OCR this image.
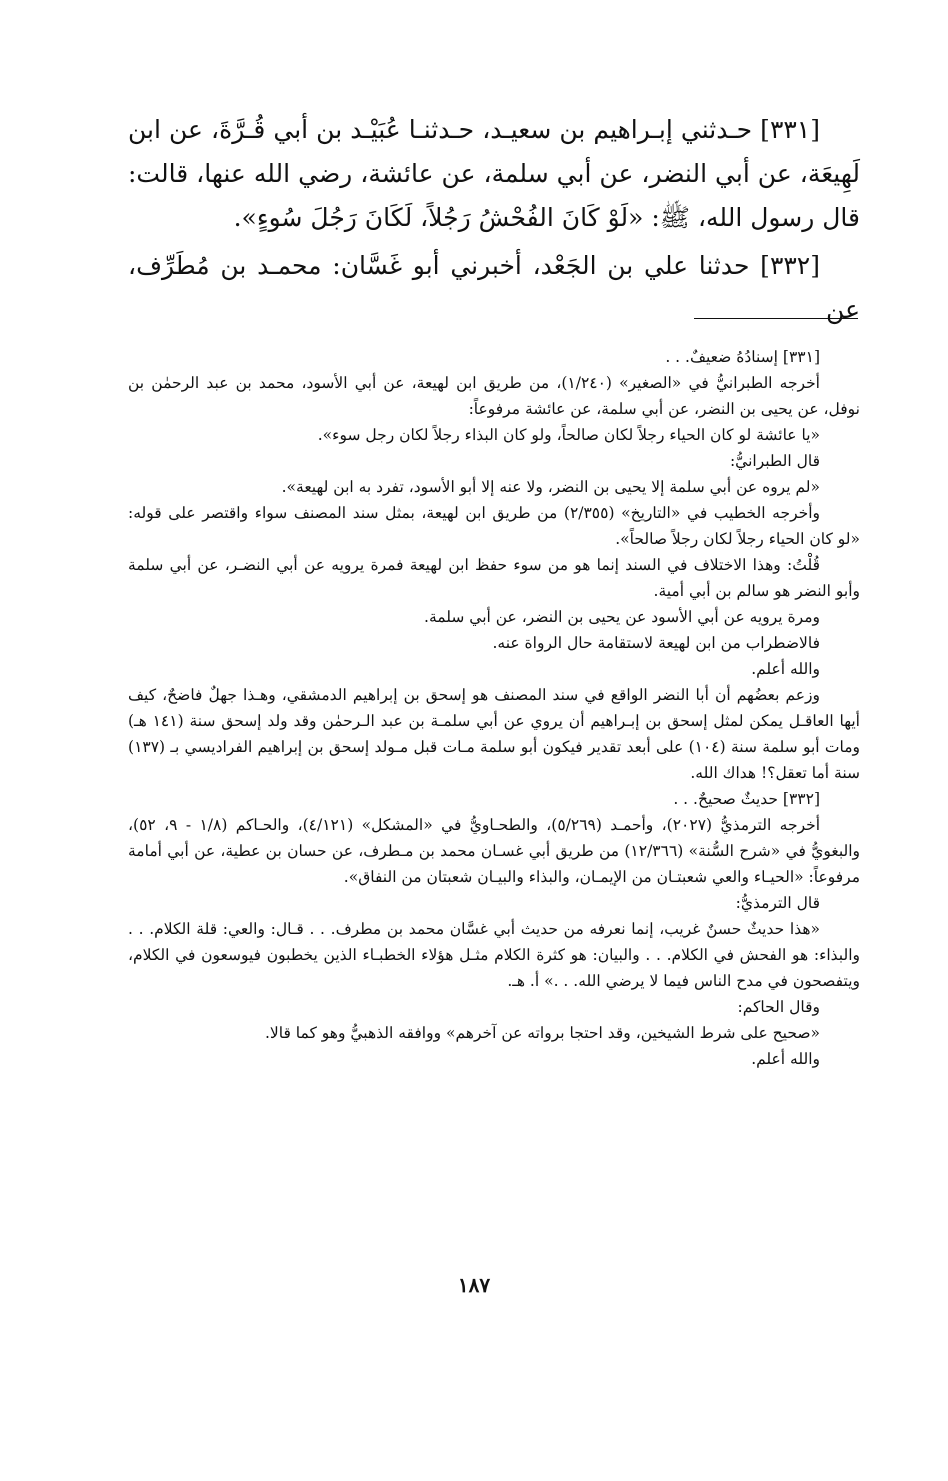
[٣٣١] حـدثني إبـراهيم بن سعيـد، حـدثنـا عُبَيْـد بن أبي قُـرَّةَ، عن ابن لَهِيعَة، عن أبي النضر، عن أبي سلمة، عن عائشة، رضي الله عنها، قالت: قال رسول الله، ﷺ: «لَوْ كَانَ الفُحْشُ رَجُلاً، لَكَانَ رَجُلَ سُوءٍ».

[٣٣٢] حدثنا علي بن الجَعْد، أخبرني أبو غَسَّان: محمـد بن مُطَرِّف، عن

[٣٣١] إسنادُهُ ضعيفٌ. . .

أخرجه الطبرانيُّ في «الصغير» (١/٢٤٠)، من طريق ابن لهيعة، عن أبي الأسود، محمد بن عبد الرحمٰن بن نوفل، عن يحيى بن النضر، عن أبي سلمة، عن عائشة مرفوعاً:

«يا عائشة لو كان الحياء رجلاً لكان صالحاً، ولو كان البذاء رجلاً لكان رجل سوء».

قال الطبرانيُّ:

«لم يروه عن أبي سلمة إلا يحيى بن النضر، ولا عنه إلا أبو الأسود، تفرد به ابن لهيعة».

وأخرجه الخطيب في «التاريخ» (٢/٣٥٥) من طريق ابن لهيعة، بمثل سند المصنف سواء واقتصر على قوله: «لو كان الحياء رجلاً لكان رجلاً صالحاً».

قُلْتُ: وهذا الاختلاف في السند إنما هو من سوء حفظ ابن لهيعة فمرة يرويه عن أبي النضـر، عن أبي سلمة وأبو النضر هو سالم بن أبي أمية.

ومرة يرويه عن أبي الأسود عن يحيى بن النضر، عن أبي سلمة.

فالاضطراب من ابن لهيعة لاستقامة حال الرواة عنه.

والله أعلم.

وزعم بعضُهم أن أبا النضر الواقع في سند المصنف هو إسحق بن إبراهيم الدمشقي، وهـذا جهلٌ فاضحٌ، كيف أيها العاقـل يمكن لمثل إسحق بن إبـراهيم أن يروي عن أبي سلمـة بن عبد الـرحمٰن وقد ولد إسحق سنة (١٤١ هـ) ومات أبو سلمة سنة (١٠٤) على أبعد تقدير فيكون أبو سلمة مـات قبل مـولد إسحق بن إبراهيم الفراديسي بـ (١٣٧) سنة أما تعقل؟! هداك الله.

[٣٣٢] حديثٌ صحيحٌ. . .

أخرجه الترمذيُّ (٢٠٢٧)، وأحمـد (٥/٢٦٩)، والطحـاويُّ في «المشكل» (٤/١٢١)، والحـاكم (١/٨ - ٩، ٥٢)، والبغويُّ في «شرح السُّنة» (١٢/٣٦٦) من طريق أبي غسـان محمد بن مـطرف، عن حسان بن عطية، عن أبي أمامة مرفوعاً: «الحيـاء والعي شعبتـان من الإيمـان، والبذاء والبيـان شعبتان من النفاق».

قال الترمذيُّ:

«هذا حديثٌ حسنٌ غريب، إنما نعرفه من حديث أبي غسَّان محمد بن مطرف. . . قـال: والعي: قلة الكلام. . . والبذاء: هو الفحش في الكلام. . . والبيان: هو كثرة الكلام مثـل هؤلاء الخطبـاء الذين يخطبون فيوسعون في الكلام، ويتفصحون في مدح الناس فيما لا يرضي الله. . .» أ. هـ.

وقال الحاكم:

«صحيح على شرط الشيخين، وقد احتجا برواته عن آخرهم» ووافقه الذهبيُّ وهو كما قالا.

والله أعلم.

١٨٧
